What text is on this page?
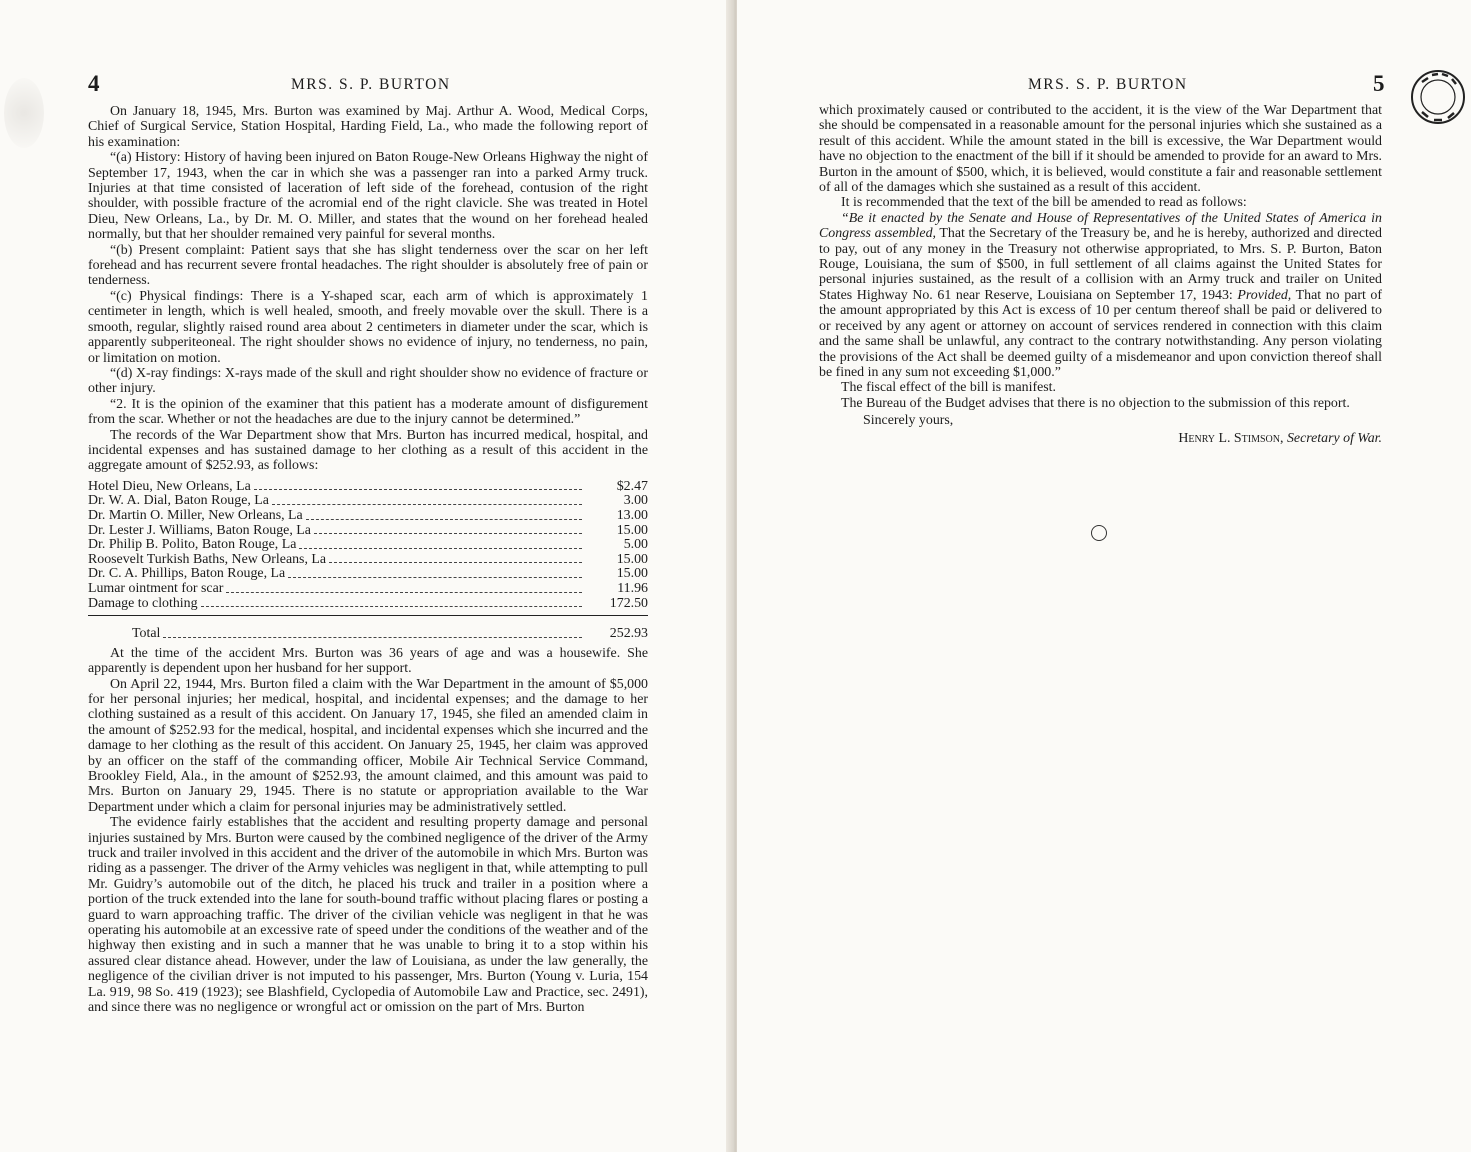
4	MRS. S. P. BURTON

On January 18, 1945, Mrs. Burton was examined by Maj. Arthur A. Wood, Medical Corps, Chief of Surgical Service, Station Hospital, Harding Field, La., who made the following report of his examination:

“(a) History: History of having been injured on Baton Rouge-New Orleans Highway the night of September 17, 1943, when the car in which she was a passenger ran into a parked Army truck. Injuries at that time consisted of laceration of left side of the forehead, contusion of the right shoulder, with possible fracture of the acromial end of the right clavicle. She was treated in Hotel Dieu, New Orleans, La., by Dr. M. O. Miller, and states that the wound on her forehead healed normally, but that her shoulder remained very painful for several months.

“(b) Present complaint: Patient says that she has slight tenderness over the scar on her left forehead and has recurrent severe frontal headaches. The right shoulder is absolutely free of pain or tenderness.

“(c) Physical findings: There is a Y-shaped scar, each arm of which is approximately 1 centimeter in length, which is well healed, smooth, and freely movable over the skull. There is a smooth, regular, slightly raised round area about 2 centimeters in diameter under the scar, which is apparently subperiteoneal. The right shoulder shows no evidence of injury, no tenderness, no pain, or limitation on motion.

“(d) X-ray findings: X-rays made of the skull and right shoulder show no evidence of fracture or other injury.

“2. It is the opinion of the examiner that this patient has a moderate amount of disfigurement from the scar. Whether or not the headaches are due to the injury cannot be determined.”

The records of the War Department show that Mrs. Burton has incurred medical, hospital, and incidental expenses and has sustained damage to her clothing as a result of this accident in the aggregate amount of $252.93, as follows:

Hotel Dieu, New Orleans, La	$2.47

Dr. W. A. Dial, Baton Rouge, La	3.00

Dr. Martin O. Miller, New Orleans, La	13.00

Dr. Lester J. Williams, Baton Rouge, La	15.00

Dr. Philip B. Polito, Baton Rouge, La	5.00

Roosevelt Turkish Baths, New Orleans, La	15.00

Dr. C. A. Phillips, Baton Rouge, La	15.00

Lumar ointment for scar	11.96

Damage to clothing	172.50

Total	252.93

At the time of the accident Mrs. Burton was 36 years of age and was a housewife. She apparently is dependent upon her husband for her support.

On April 22, 1944, Mrs. Burton filed a claim with the War Department in the amount of $5,000 for her personal injuries; her medical, hospital, and incidental expenses; and the damage to her clothing sustained as a result of this accident. On January 17, 1945, she filed an amended claim in the amount of $252.93 for the medical, hospital, and incidental expenses which she incurred and the damage to her clothing as the result of this accident. On January 25, 1945, her claim was approved by an officer on the staff of the commanding officer, Mobile Air Technical Service Command, Brookley Field, Ala., in the amount of $252.93, the amount claimed, and this amount was paid to Mrs. Burton on January 29, 1945. There is no statute or appropriation available to the War Department under which a claim for personal injuries may be administratively settled.

The evidence fairly establishes that the accident and resulting property damage and personal injuries sustained by Mrs. Burton were caused by the combined negligence of the driver of the Army truck and trailer involved in this accident and the driver of the automobile in which Mrs. Burton was riding as a passenger. The driver of the Army vehicles was negligent in that, while attempting to pull Mr. Guidry’s automobile out of the ditch, he placed his truck and trailer in a position where a portion of the truck extended into the lane for south-bound traffic without placing flares or posting a guard to warn approaching traffic. The driver of the civilian vehicle was negligent in that he was operating his automobile at an excessive rate of speed under the conditions of the weather and of the highway then existing and in such a manner that he was unable to bring it to a stop within his assured clear distance ahead. However, under the law of Louisiana, as under the law generally, the negligence of the civilian driver is not imputed to his passenger, Mrs. Burton (Young v. Luria, 154 La. 919, 98 So. 419 (1923); see Blashfield, Cyclopedia of Automobile Law and Practice, sec. 2491), and since there was no negligence or wrongful act or omission on the part of Mrs. Burton

MRS. S. P. BURTON	5

which proximately caused or contributed to the accident, it is the view of the War Department that she should be compensated in a reasonable amount for the personal injuries which she sustained as a result of this accident. While the amount stated in the bill is excessive, the War Department would have no objection to the enactment of the bill if it should be amended to provide for an award to Mrs. Burton in the amount of $500, which, it is believed, would constitute a fair and reasonable settlement of all of the damages which she sustained as a result of this accident.

It is recommended that the text of the bill be amended to read as follows:

“Be it enacted by the Senate and House of Representatives of the United States of America in Congress assembled, That the Secretary of the Treasury be, and he is hereby, authorized and directed to pay, out of any money in the Treasury not otherwise appropriated, to Mrs. S. P. Burton, Baton Rouge, Louisiana, the sum of $500, in full settlement of all claims against the United States for personal injuries sustained, as the result of a collision with an Army truck and trailer on United States Highway No. 61 near Reserve, Louisiana on September 17, 1943: Provided, That no part of the amount appropriated by this Act is excess of 10 per centum thereof shall be paid or delivered to or received by any agent or attorney on account of services rendered in connection with this claim and the same shall be unlawful, any contract to the contrary notwithstanding. Any person violating the provisions of the Act shall be deemed guilty of a misdemeanor and upon conviction thereof shall be fined in any sum not exceeding $1,000.”

The fiscal effect of the bill is manifest.

The Bureau of the Budget advises that there is no objection to the submission of this report.

Sincerely yours,
Henry L. Stimson, Secretary of War.
